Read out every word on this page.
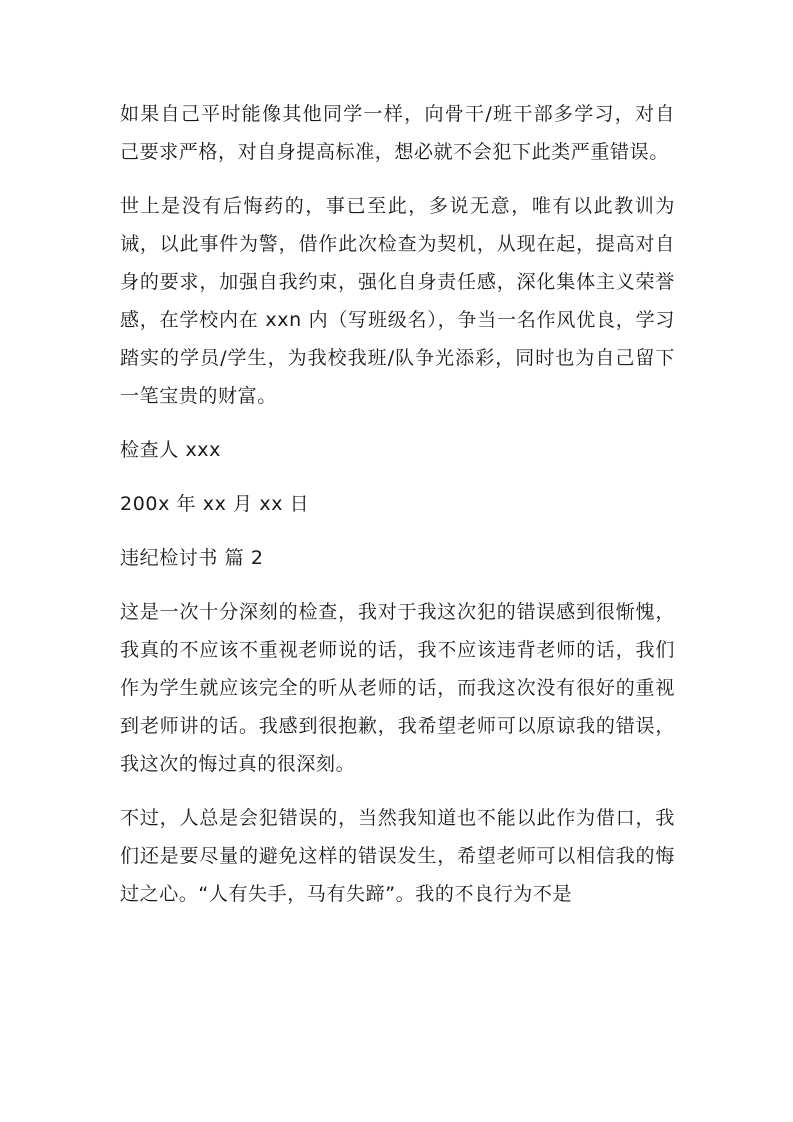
如果自己平时能像其他同学一样，向骨干/班干部多学习，对自己要求严格，对自身提高标准，想必就不会犯下此类严重错误。

世上是没有后悔药的，事已至此，多说无意，唯有以此教训为诫，以此事件为警，借作此次检查为契机，从现在起，提高对自身的要求，加强自我约束，强化自身责任感，深化集体主义荣誉感，在学校内在 xxn 内（写班级名），争当一名作风优良，学习踏实的学员/学生，为我校我班/队争光添彩，同时也为自己留下一笔宝贵的财富。

检查人 xxx

200x 年 xx 月 xx 日

违纪检讨书 篇 2

这是一次十分深刻的检查，我对于我这次犯的错误感到很惭愧，我真的不应该不重视老师说的话，我不应该违背老师的话，我们作为学生就应该完全的听从老师的话，而我这次没有很好的重视到老师讲的话。我感到很抱歉，我希望老师可以原谅我的错误，我这次的悔过真的很深刻。

不过，人总是会犯错误的，当然我知道也不能以此作为借口，我们还是要尽量的避免这样的错误发生，希望老师可以相信我的悔过之心。“人有失手，马有失蹄”。我的不良行为不是
